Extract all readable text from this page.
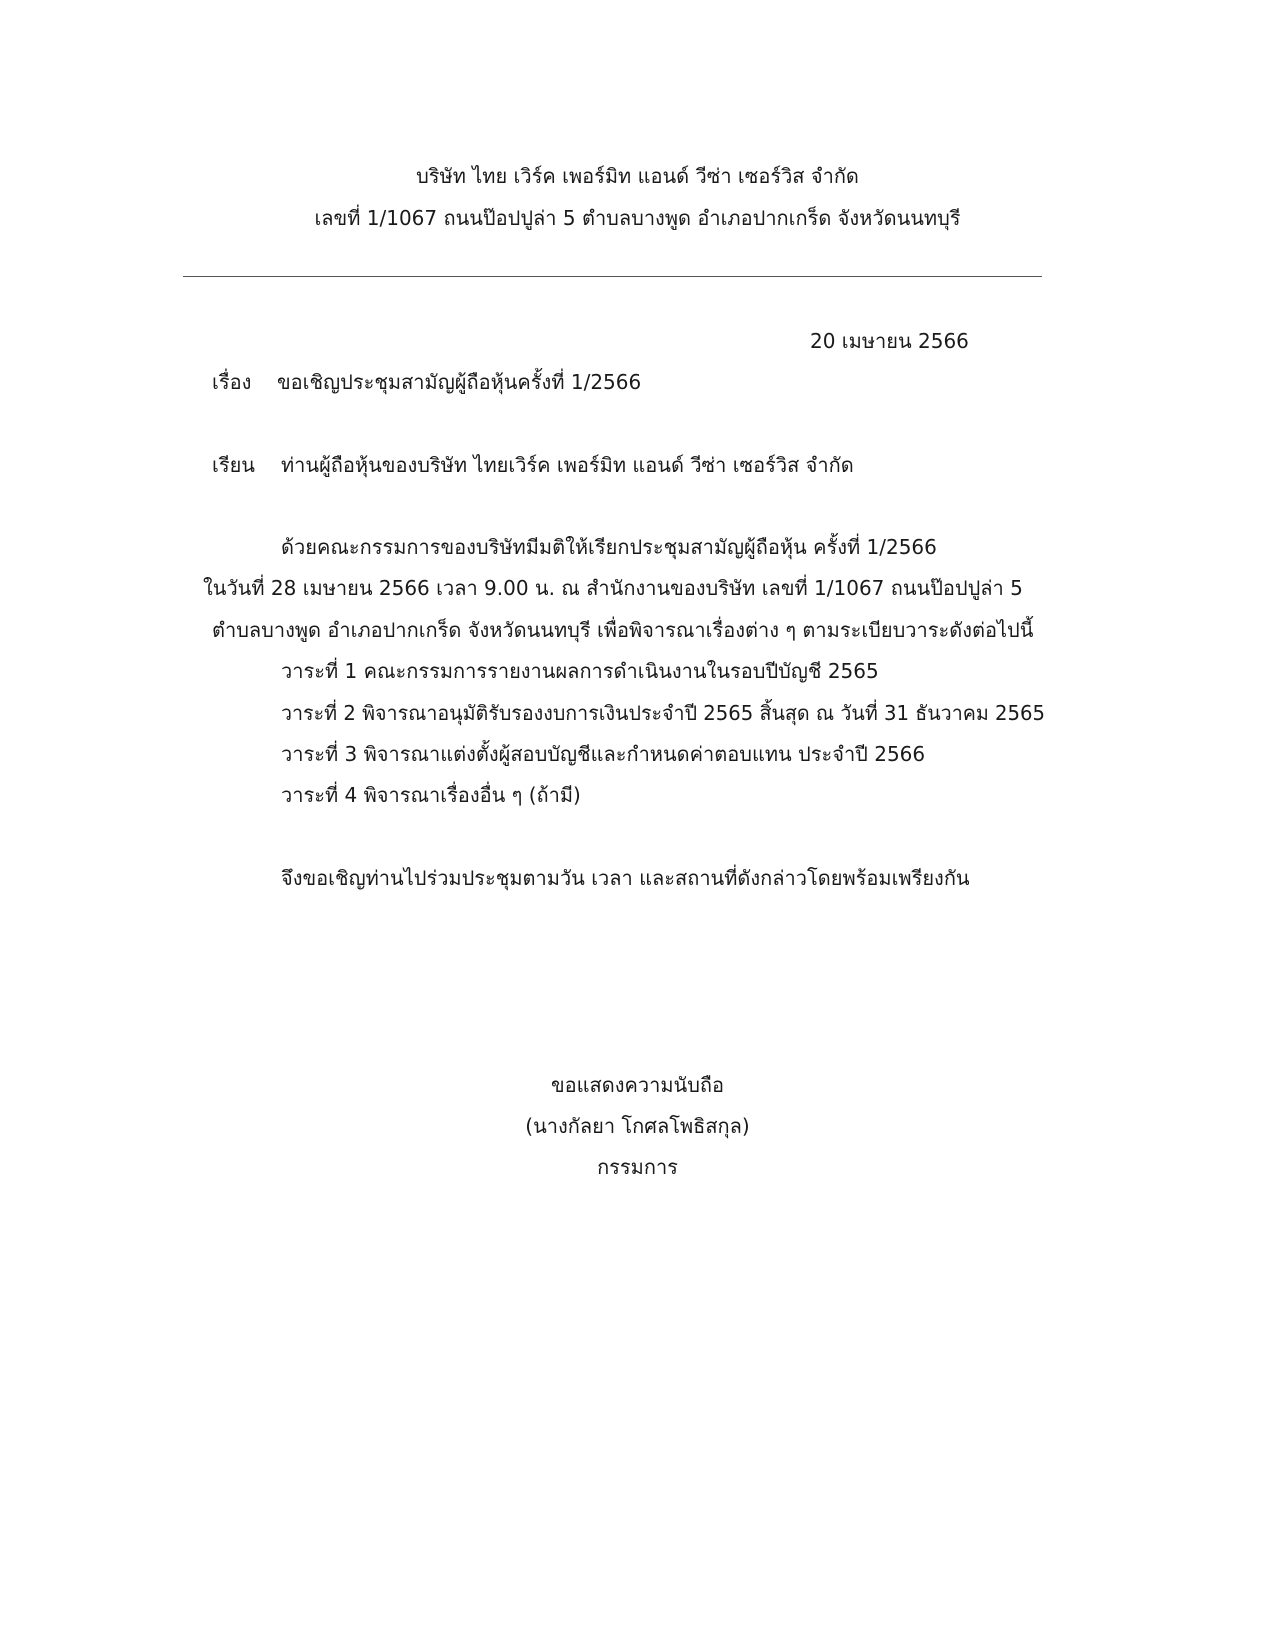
บริษัท ไทย เวิร์ค เพอร์มิท แอนด์ วีซ่า เซอร์วิส จำกัด
เลขที่ 1/1067 ถนนป๊อปปูล่า 5 ตำบลบางพูด อำเภอปากเกร็ด จังหวัดนนทบุรี
20 เมษายน 2566
เรื่อง ขอเชิญประชุมสามัญผู้ถือหุ้นครั้งที่ 1/2566
เรียน ท่านผู้ถือหุ้นของบริษัท ไทยเวิร์ค เพอร์มิท แอนด์ วีซ่า เซอร์วิส จำกัด
ด้วยคณะกรรมการของบริษัทมีมติให้เรียกประชุมสามัญผู้ถือหุ้น ครั้งที่ 1/2566
ในวันที่ 28 เมษายน 2566 เวลา 9.00 น. ณ สำนักงานของบริษัท เลขที่ 1/1067 ถนนป๊อปปูล่า 5
ตำบลบางพูด อำเภอปากเกร็ด จังหวัดนนทบุรี เพื่อพิจารณาเรื่องต่าง ๆ ตามระเบียบวาระดังต่อไปนี้
วาระที่ 1 คณะกรรมการรายงานผลการดำเนินงานในรอบปีบัญชี 2565
วาระที่ 2 พิจารณาอนุมัติรับรองงบการเงินประจำปี 2565 สิ้นสุด ณ วันที่ 31 ธันวาคม 2565
วาระที่ 3 พิจารณาแต่งตั้งผู้สอบบัญชีและกำหนดค่าตอบแทน ประจำปี 2566
วาระที่ 4 พิจารณาเรื่องอื่น ๆ (ถ้ามี)
จึงขอเชิญท่านไปร่วมประชุมตามวัน เวลา และสถานที่ดังกล่าวโดยพร้อมเพรียงกัน
ขอแสดงความนับถือ
(นางกัลยา โกศลโพธิสกุล)
กรรมการ
